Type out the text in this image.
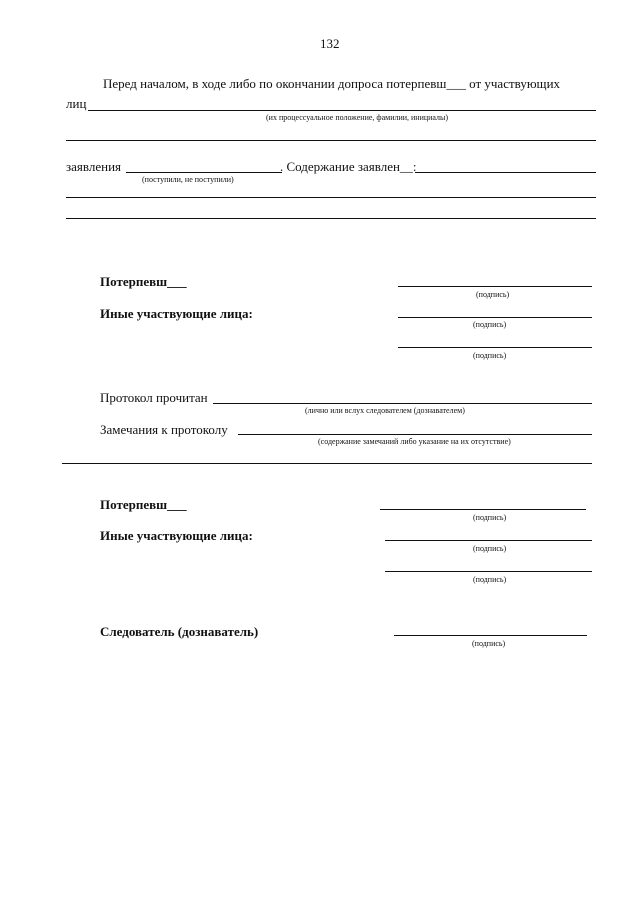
132
Перед началом, в ходе либо по окончании допроса потерпевш___ от участвующих
лиц
(их процессуальное положение, фамилии, инициалы)
заявления	. Содержание заявлен__:
(поступили, не поступили)
Потерпевш___
(подпись)
Иные участвующие лица:
(подпись)
(подпись)
Протокол прочитан
(лично или вслух следователем (дознавателем)
Замечания к протоколу
(содержание замечаний либо указание на их отсутствие)
Потерпевш___
(подпись)
Иные участвующие лица:
(подпись)
(подпись)
Следователь (дознаватель)
(подпись)
